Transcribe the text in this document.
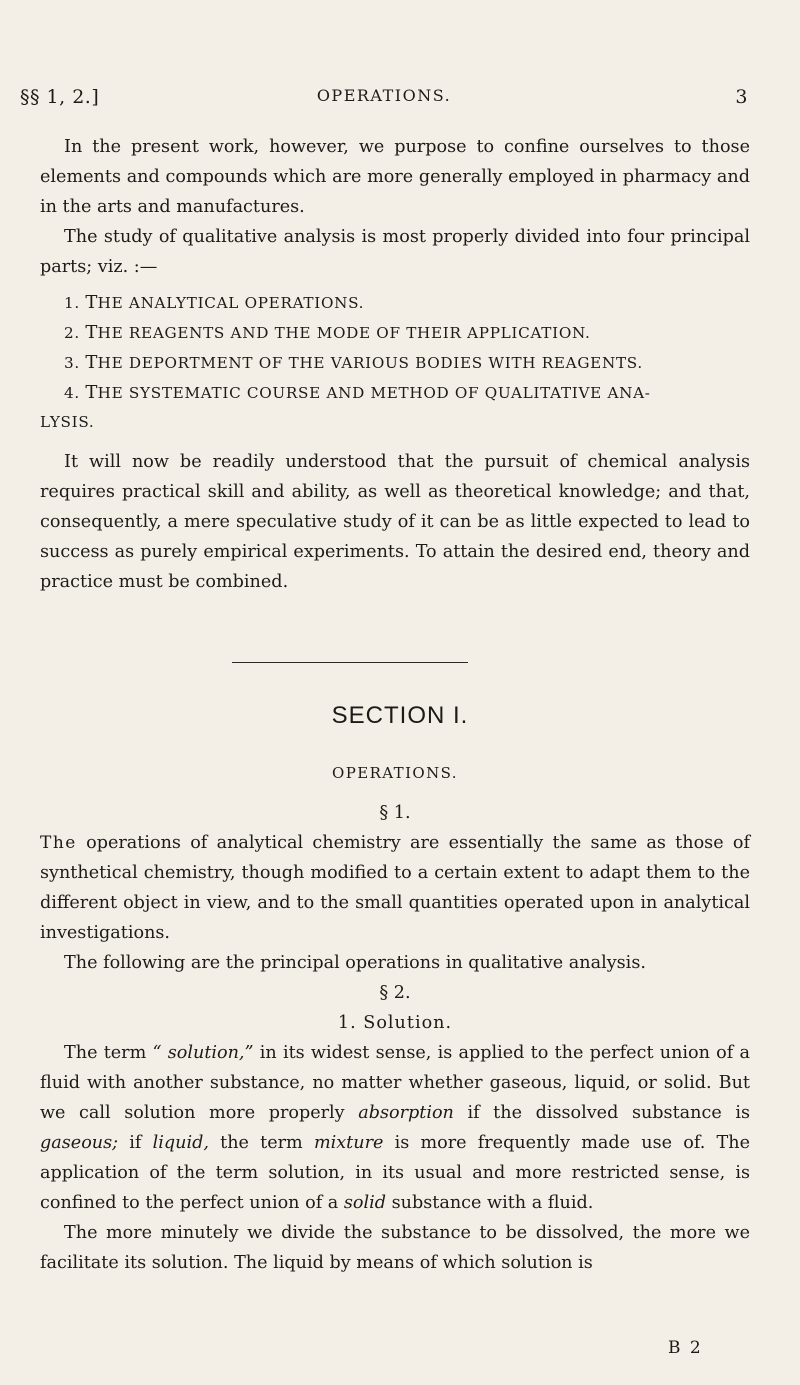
§§ 1, 2.]	OPERATIONS.	3

In the present work, however, we purpose to confine ourselves to those elements and compounds which are more generally employed in pharmacy and in the arts and manufactures.

The study of qualitative analysis is most properly divided into four principal parts; viz. :—

1. THE ANALYTICAL OPERATIONS.

2. THE REAGENTS AND THE MODE OF THEIR APPLICATION.

3. THE DEPORTMENT OF THE VARIOUS BODIES WITH REAGENTS.

4. THE SYSTEMATIC COURSE AND METHOD OF QUALITATIVE ANA-

LYSIS.

It will now be readily understood that the pursuit of chemical analysis requires practical skill and ability, as well as theoretical knowledge; and that, consequently, a mere speculative study of it can be as little expected to lead to success as purely empirical experiments. To attain the desired end, theory and practice must be combined.

SECTION I.

OPERATIONS.

§ 1.

The operations of analytical chemistry are essentially the same as those of synthetical chemistry, though modified to a certain extent to adapt them to the different object in view, and to the small quantities operated upon in analytical investigations.

The following are the principal operations in qualitative analysis.

§ 2.

1. Solution.

The term “ solution,” in its widest sense, is applied to the perfect union of a fluid with another substance, no matter whether gaseous, liquid, or solid. But we call solution more properly absorption if the dissolved substance is gaseous; if liquid, the term mixture is more frequently made use of. The application of the term solution, in its usual and more restricted sense, is confined to the perfect union of a solid substance with a fluid.

The more minutely we divide the substance to be dissolved, the more we facilitate its solution. The liquid by means of which solution is

B 2
